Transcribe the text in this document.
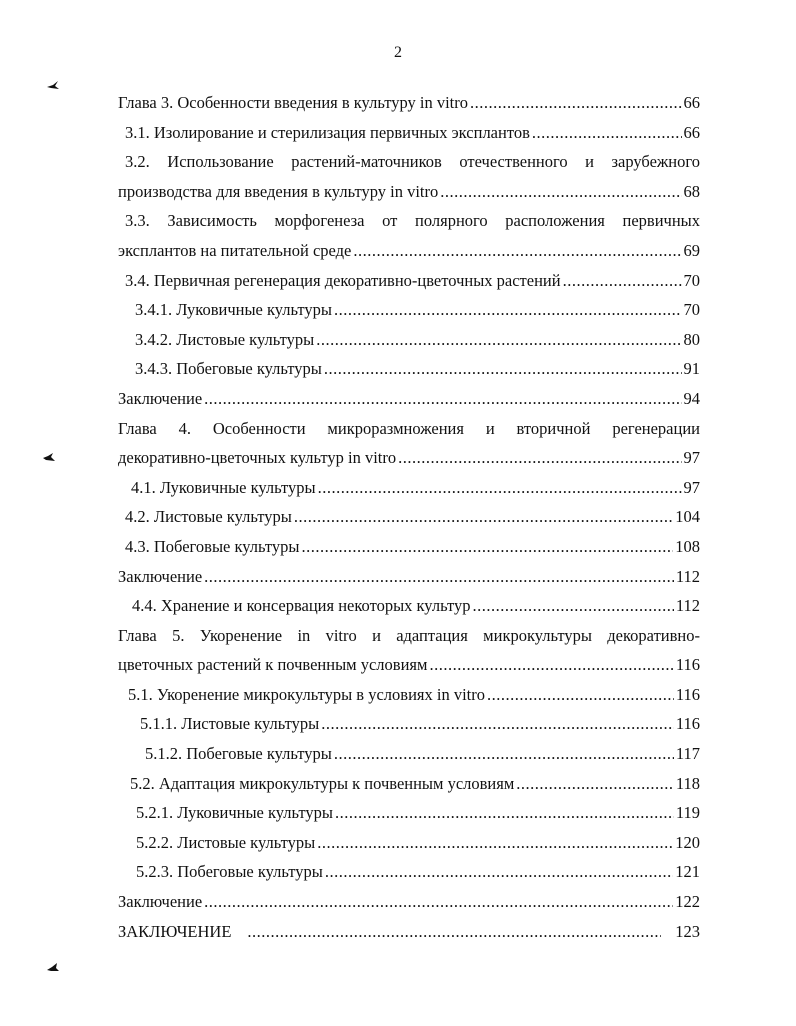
2
Глава 3. Особенности введения в культуру in vitro .....	66
3.1. Изолирование и стерилизация первичных эксплантов .....	66
3.2. Использование растений-маточников отечественного и зарубежного
производства для введения в культуру in vitro .....	68
3.3. Зависимость морфогенеза от полярного расположения первичных
эксплантов на питательной среде .....	69
3.4. Первичная регенерация декоративно-цветочных растений .....	70
3.4.1. Луковичные культуры .....	70
3.4.2. Листовые культуры .....	80
3.4.3. Побеговые культуры .....	91
Заключение .....	94
Глава 4. Особенности микроразмножения и вторичной регенерации
декоративно-цветочных культур in vitro .....	97
4.1. Луковичные культуры .....	97
4.2. Листовые культуры .....	104
4.3. Побеговые культуры .....	108
Заключение .....	112
4.4. Хранение и консервация некоторых культур .....	112
Глава 5. Укоренение in vitro и адаптация микрокультуры декоративно-
цветочных растений к почвенным условиям .....	116
5.1. Укоренение микрокультуры в условиях in vitro .....	116
5.1.1. Листовые культуры .....	116
5.1.2. Побеговые культуры .....	117
5.2. Адаптация микрокультуры к почвенным условиям .....	118
5.2.1. Луковичные культуры .....	119
5.2.2. Листовые культуры .....	120
5.2.3. Побеговые культуры .....	121
Заключение .....	122
ЗАКЛЮЧЕНИЕ .....	123
